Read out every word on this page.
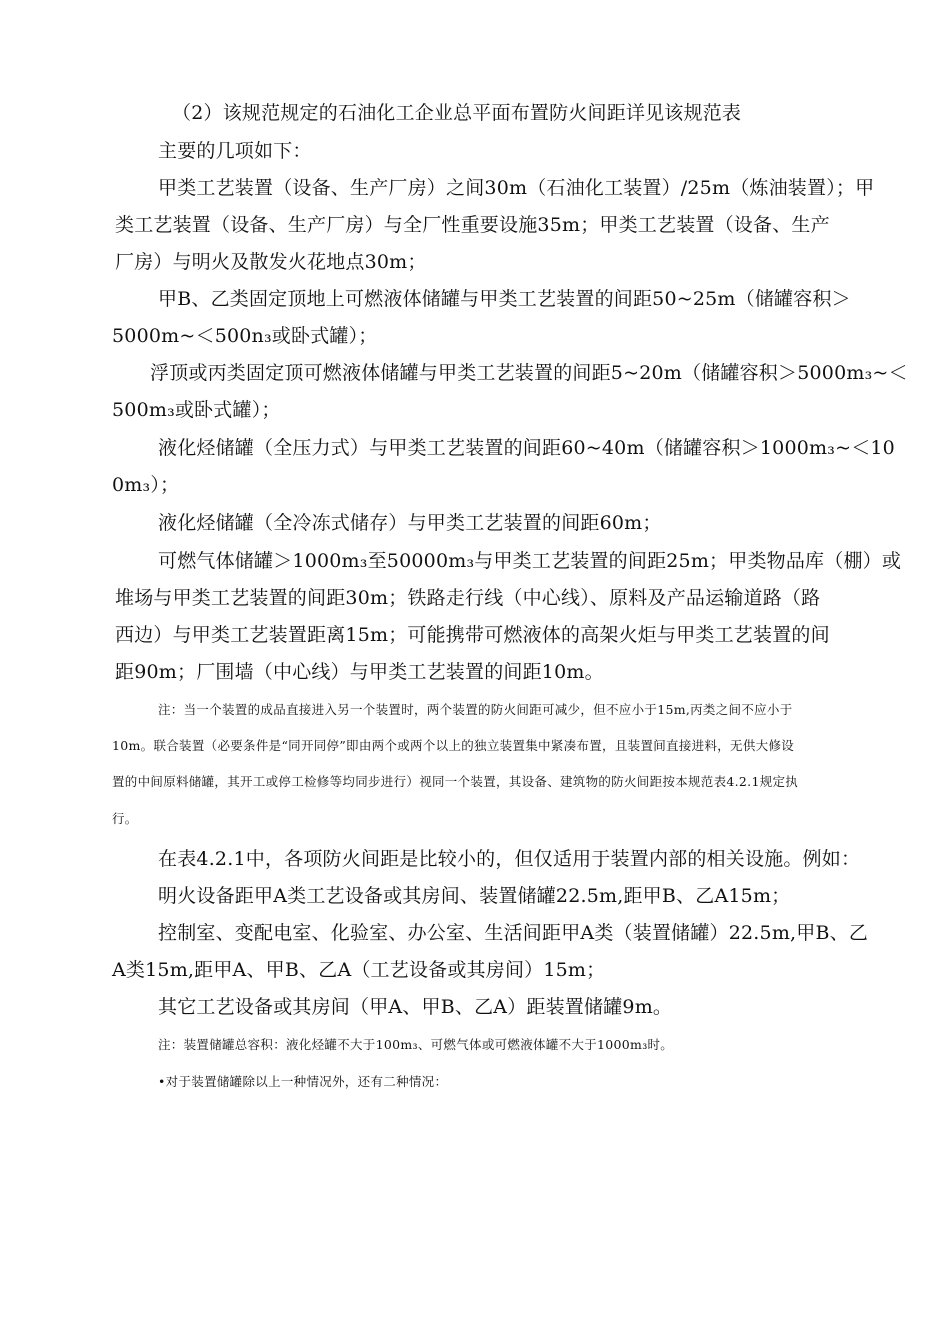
（2）该规范规定的石油化工企业总平面布置防火间距详见该规范表
主要的几项如下：
甲类工艺装置（设备、生产厂房）之间30m（石油化工装置）/25m（炼油装置）；甲
类工艺装置（设备、生产厂房）与全厂性重要设施35m；甲类工艺装置（设备、生产
厂房）与明火及散发火花地点30m；
甲B、乙类固定顶地上可燃液体储罐与甲类工艺装置的间距50~25m（储罐容积＞
5000m~＜500n₃或卧式罐）；
浮顶或丙类固定顶可燃液体储罐与甲类工艺装置的间距5~20m（储罐容积＞5000m₃~＜
500m₃或卧式罐）；
液化烃储罐（全压力式）与甲类工艺装置的间距60~40m（储罐容积＞1000m₃~＜10
0m₃）；
液化烃储罐（全冷冻式储存）与甲类工艺装置的间距60m；
可燃气体储罐＞1000m₃至50000m₃与甲类工艺装置的间距25m；甲类物品库（棚）或
堆场与甲类工艺装置的间距30m；铁路走行线（中心线）、原料及产品运输道路（路
西边）与甲类工艺装置距离15m；可能携带可燃液体的高架火炬与甲类工艺装置的间
距90m；厂围墙（中心线）与甲类工艺装置的间距10m。
注：当一个装置的成品直接进入另一个装置时，两个装置的防火间距可减少，但不应小于15m,丙类之间不应小于
10m。联合装置（必要条件是“同开同停”即由两个或两个以上的独立装置集中紧凑布置，且装置间直接进料，无供大修设
置的中间原料储罐，其开工或停工检修等均同步进行）视同一个装置，其设备、建筑物的防火间距按本规范表4.2.1规定执
行。
在表4.2.1中，各项防火间距是比较小的，但仅适用于装置内部的相关设施。例如：
明火设备距甲A类工艺设备或其房间、装置储罐22.5m,距甲B、乙A15m；
控制室、变配电室、化验室、办公室、生活间距甲A类（装置储罐）22.5m,甲B、乙
A类15m,距甲A、甲B、乙A（工艺设备或其房间）15m；
其它工艺设备或其房间（甲A、甲B、乙A）距装置储罐9m。
注：装置储罐总容积：液化烃罐不大于100m₃、可燃气体或可燃液体罐不大于1000m₃时。
•对于装置储罐除以上一种情况外，还有二种情况：
